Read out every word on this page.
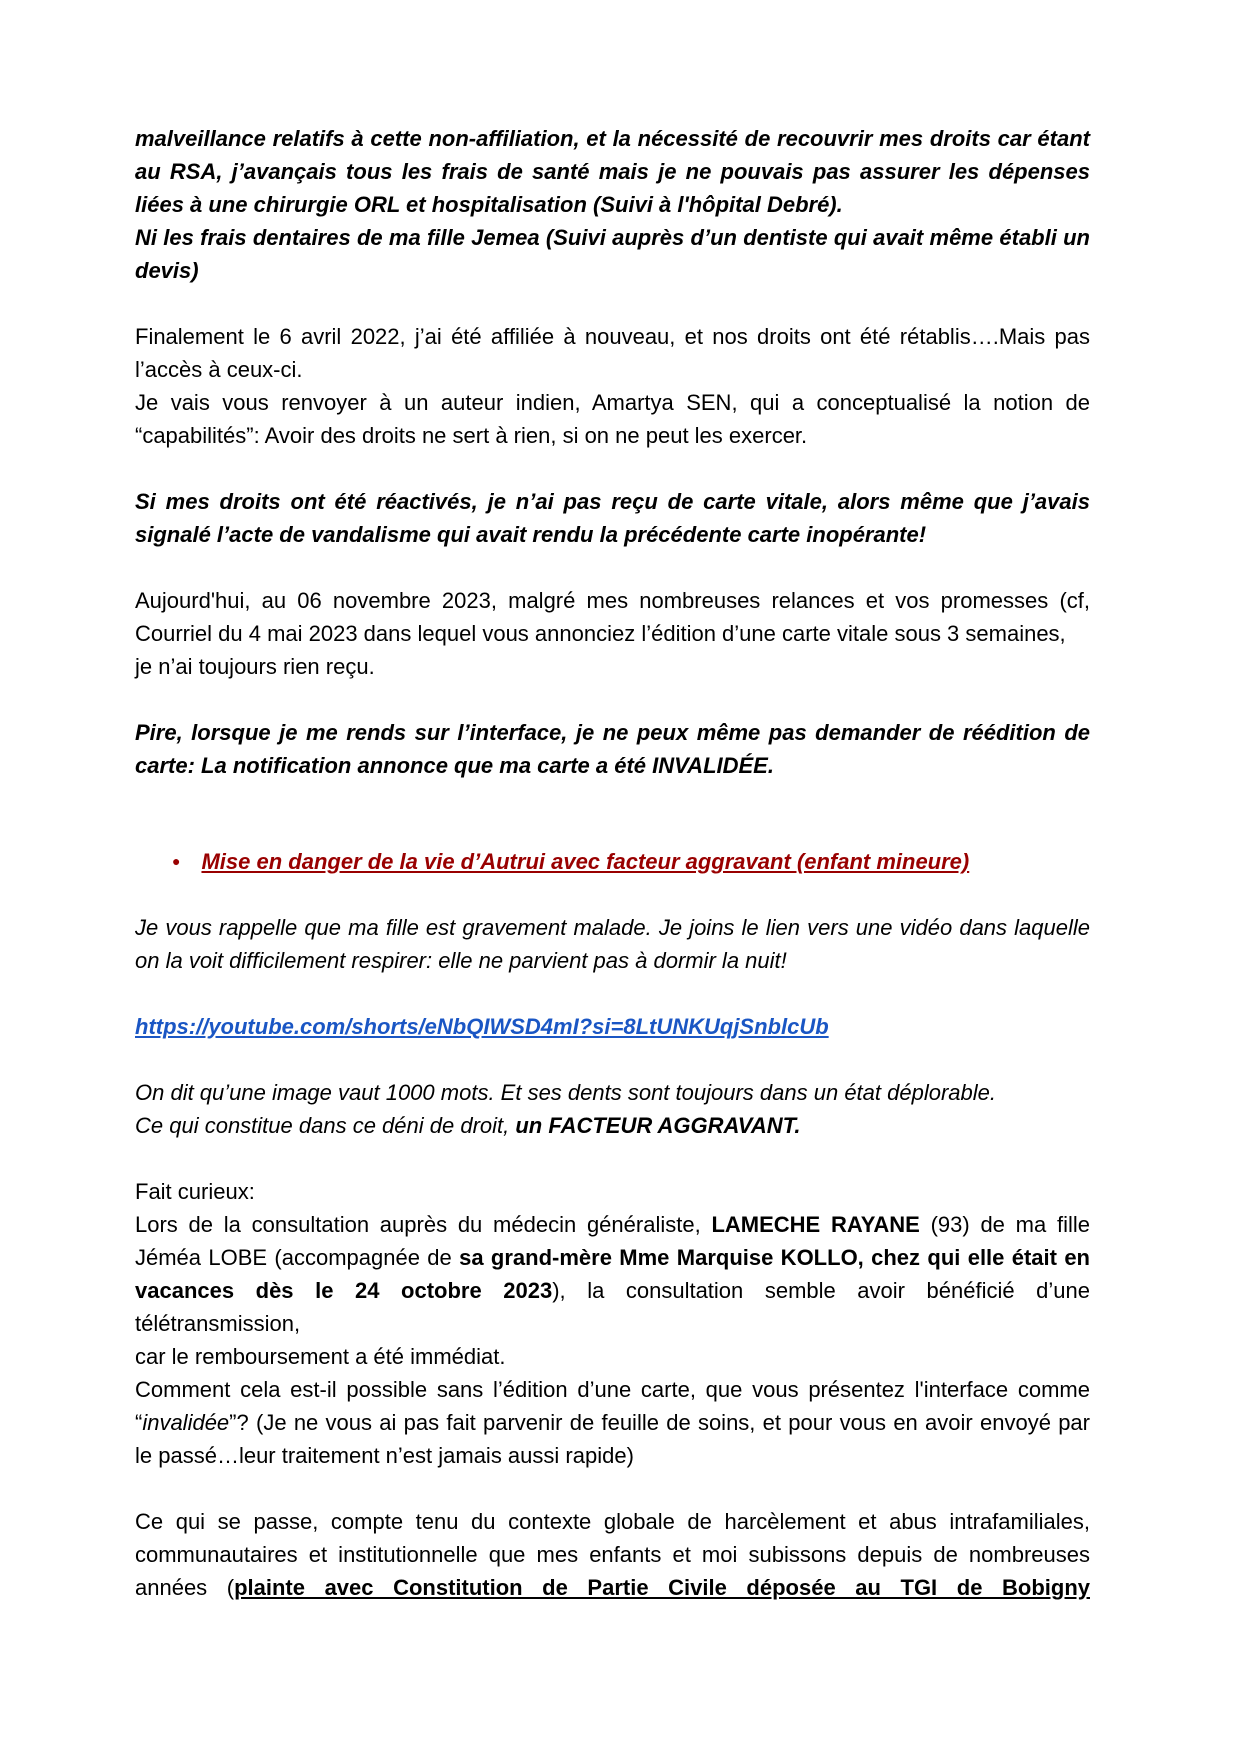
malveillance relatifs à cette non-affiliation, et la nécessité de recouvrir mes droits car étant au RSA, j’avançais tous les frais de santé mais je ne pouvais pas assurer les dépenses liées à une chirurgie ORL et hospitalisation (Suivi à l'hôpital Debré).
Ni les frais dentaires de ma fille Jemea (Suivi auprès d’un dentiste qui avait même établi un devis)

Finalement le 6 avril 2022, j’ai été affiliée à nouveau, et nos droits ont été rétablis….Mais pas l’accès à ceux-ci.
Je vais vous renvoyer à un auteur indien, Amartya SEN, qui a conceptualisé la notion de “capabilités”: Avoir des droits ne sert à rien, si on ne peut les exercer.

Si mes droits ont été réactivés, je n’ai pas reçu de carte vitale, alors même que j’avais signalé l’acte de vandalisme qui avait rendu la précédente carte inopérante!

Aujourd'hui, au 06 novembre 2023, malgré mes nombreuses relances et vos promesses (cf, Courriel du 4 mai 2023 dans lequel vous annonciez l’édition d’une carte vitale sous 3 semaines,
je n’ai toujours rien reçu.

Pire, lorsque je me rends sur l’interface, je ne peux même pas demander de réédition de carte: La notification annonce que ma carte a été INVALIDÉE.

● Mise en danger de la vie d’Autrui avec facteur aggravant (enfant mineure)

Je vous rappelle que ma fille est gravement malade. Je joins le lien vers une vidéo dans laquelle on la voit difficilement respirer: elle ne parvient pas à dormir la nuit!

https://youtube.com/shorts/eNbQIWSD4mI?si=8LtUNKUqjSnblcUb

On dit qu’une image vaut 1000 mots. Et ses dents sont toujours dans un état déplorable.
Ce qui constitue dans ce déni de droit, un FACTEUR AGGRAVANT.

Fait curieux:
Lors de la consultation auprès du médecin généraliste, LAMECHE RAYANE (93) de ma fille Jéméa LOBE (accompagnée de sa grand-mère Mme Marquise KOLLO, chez qui elle était en vacances dès le 24 octobre 2023), la consultation semble avoir bénéficié d’une télétransmission,
car le remboursement a été immédiat.
Comment cela est-il possible sans l’édition d’une carte, que vous présentez l'interface comme “invalidée”? (Je ne vous ai pas fait parvenir de feuille de soins, et pour vous en avoir envoyé par le passé…leur traitement n’est jamais aussi rapide)

Ce qui se passe, compte tenu du contexte globale de harcèlement et abus intrafamiliales, communautaires et institutionnelle que mes enfants et moi subissons depuis de nombreuses années (plainte avec Constitution de Partie Civile déposée au TGI de Bobigny
